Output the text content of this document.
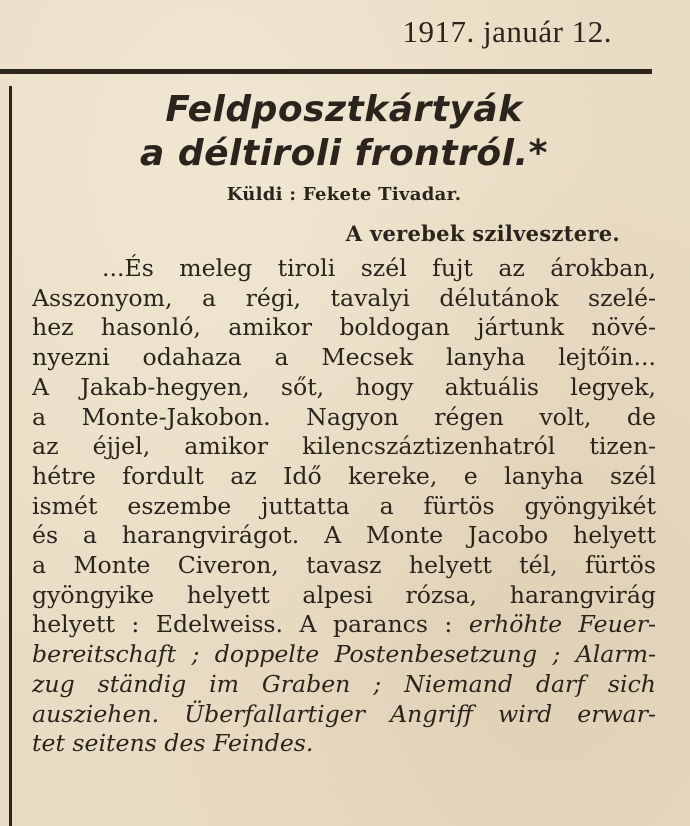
1917. január 12.
Feldposztkártyák
a déltiroli frontról.*
Küldi : Fekete Tivadar.
A verebek szilvesztere.
...És meleg tiroli szél fujt az árokban,
Asszonyom, a régi, tavalyi délutánok szelé-
hez hasonló, amikor boldogan jártunk növé-
nyezni odahaza a Mecsek lanyha lejtőin...
A Jakab-hegyen, sőt, hogy aktuális legyek,
a Monte-Jakobon. Nagyon régen volt, de
az éjjel, amikor kilencszáztizenhatról tizen-
hétre fordult az Idő kereke, e lanyha szél
ismét eszembe juttatta a fürtös gyöngyikét
és a harangvirágot. A Monte Jacobo helyett
a Monte Civeron, tavasz helyett tél, fürtös
gyöngyike helyett alpesi rózsa, harangvirág
helyett : Edelweiss. A parancs : erhöhte Feuer-
bereitschaft ; doppelte Postenbesetzung ; Alarm-
zug ständig im Graben ; Niemand darf sich
ausziehen. Überfallartiger Angriff wird erwar-
tet seitens des Feindes.
